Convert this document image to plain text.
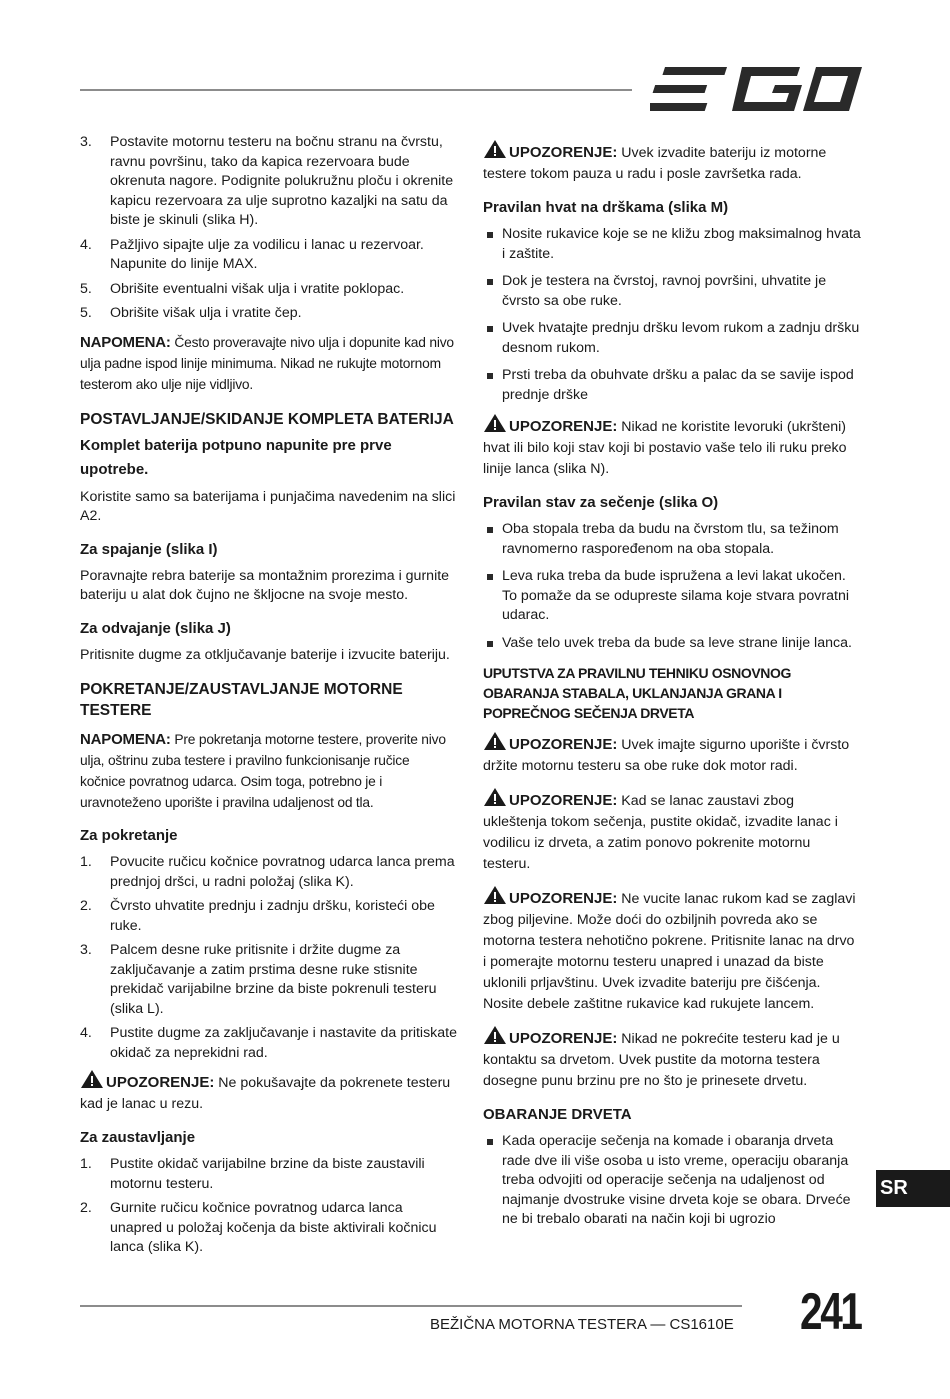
3. Postavite motornu testeru na bočnu stranu na čvrstu, ravnu površinu, tako da kapica rezervoara bude okrenuta nagore. Podignite polukružnu ploču i okrenite kapicu rezervoara za ulje suprotno kazaljki na satu da biste je skinuli (slika H).
4. Pažljivo sipajte ulje za vodilicu i lanac u rezervoar. Napunite do linije MAX.
5. Obrišite eventualni višak ulja i vratite poklopac.
5. Obrišite višak ulja i vratite čep.

NAPOMENA: Često proveravajte nivo ulja i dopunite kad nivo ulja padne ispod linije minimuma. Nikad ne rukujte motornom testerom ako ulje nije vidljivo.

POSTAVLJANJE/SKIDANJE KOMPLETA BATERIJA
Komplet baterija potpuno napunite pre prve upotrebe.

Koristite samo sa baterijama i punjačima navedenim na slici A2.

Za spajanje (slika I)

Poravnajte rebra baterije sa montažnim prorezima i gurnite bateriju u alat dok čujno ne škljocne na svoje mesto.

Za odvajanje (slika J)

Pritisnite dugme za otključavanje baterije i izvucite bateriju.

POKRETANJE/ZAUSTAVLJANJE MOTORNE TESTERE

NAPOMENA: Pre pokretanja motorne testere, proverite nivo ulja, oštrinu zuba testere i pravilno funkcionisanje ručice kočnice povratnog udarca. Osim toga, potrebno je i uravnoteženo uporište i pravilna udaljenost od tla.

Za pokretanje
1. Povucite ručicu kočnice povratnog udarca lanca prema prednjoj dršci, u radni položaj (slika K).
2. Čvrsto uhvatite prednju i zadnju dršku, koristeći obe ruke.
3. Palcem desne ruke pritisnite i držite dugme za zaključavanje a zatim prstima desne ruke stisnite prekidač varijabilne brzine da biste pokrenuli testeru (slika L).
4. Pustite dugme za zaključavanje i nastavite da pritiskate okidač za neprekidni rad.

UPOZORENJE: Ne pokušavajte da pokrenete testeru kad je lanac u rezu.

Za zaustavljanje
1. Pustite okidač varijabilne brzine da biste zaustavili motornu testeru.
2. Gurnite ručicu kočnice povratnog udarca lanca unapred u položaj kočenja da biste aktivirali kočnicu lanca (slika K).

UPOZORENJE: Uvek izvadite bateriju iz motorne testere tokom pauza u radu i posle završetka rada.

Pravilan hvat na drškama (slika M)
Nosite rukavice koje se ne kližu zbog maksimalnog hvata i zaštite.
Dok je testera na čvrstoj, ravnoj površini, uhvatite je čvrsto sa obe ruke.
Uvek hvatajte prednju dršku levom rukom a zadnju dršku desnom rukom.
Prsti treba da obuhvate dršku a palac da se savije ispod prednje drške

UPOZORENJE: Nikad ne koristite levoruki (ukršteni) hvat ili bilo koji stav koji bi postavio vaše telo ili ruku preko linije lanca (slika N).

Pravilan stav za sečenje (slika O)
Oba stopala treba da budu na čvrstom tlu, sa težinom ravnomerno raspoređenom na oba stopala.
Leva ruka treba da bude ispružena a levi lakat ukočen. To pomaže da se odupreste silama koje stvara povratni udarac.
Vaše telo uvek treba da bude sa leve strane linije lanca.
UPUTSTVA ZA PRAVILNU TEHNIKU OSNOVNOG OBARANJA STABALA, UKLANJANJA GRANA I POPREČNOG SEČENJA DRVETA

UPOZORENJE: Uvek imajte sigurno uporište i čvrsto držite motornu testeru sa obe ruke dok motor radi.

UPOZORENJE: Kad se lanac zaustavi zbog ukleštenja tokom sečenja, pustite okidač, izvadite lanac i vodilicu iz drveta, a zatim ponovo pokrenite motornu testeru.

UPOZORENJE: Ne vucite lanac rukom kad se zaglavi zbog piljevine. Može doći do ozbiljnih povreda ako se motorna testera nehotično pokrene. Pritisnite lanac na drvo i pomerajte motornu testeru unapred i unazad da biste uklonili prljavštinu. Uvek izvadite bateriju pre čišćenja. Nosite debele zaštitne rukavice kad rukujete lancem.

UPOZORENJE: Nikad ne pokrećite testeru kad je u kontaktu sa drvetom. Uvek pustite da motorna testera dosegne punu brzinu pre no što je prinesete drvetu.

OBARANJE DRVETA
Kada operacije sečenja na komade i obaranja drveta rade dve ili više osoba u isto vreme, operaciju obaranja treba odvojiti od operacije sečenja na udaljenost od najmanje dvostruke visine drveta koje se obara. Drveće ne bi trebalo obarati na način koji bi ugrozio
SR
BEŽIČNA MOTORNA TESTERA — CS1610E 241
